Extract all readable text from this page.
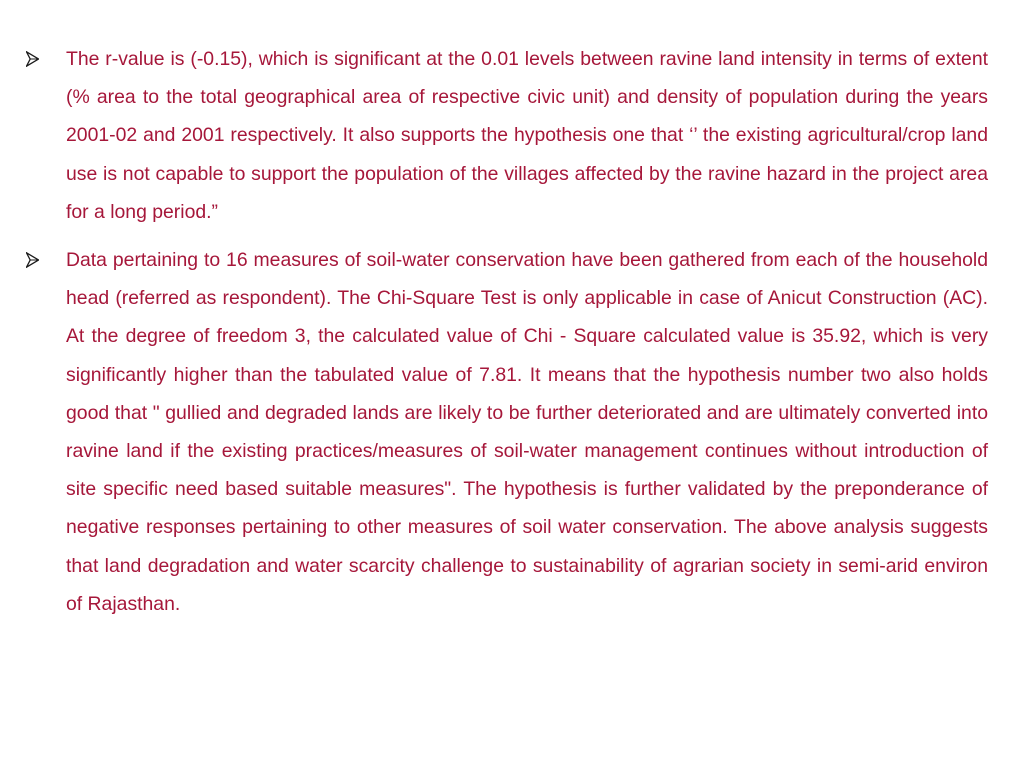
The r-value is (-0.15), which is significant at the 0.01 levels between ravine land intensity in terms of extent (% area to the total geographical area of respective civic unit) and density of population during the years 2001-02 and 2001 respectively. It also supports the hypothesis one that ‘’ the existing agricultural/crop land use is not capable to support the population of the villages affected by the ravine hazard in the project area for a long period.”
Data pertaining to 16 measures of soil-water conservation have been gathered from each of the household head (referred as respondent). The Chi-Square Test is only applicable in case of Anicut Construction (AC). At the degree of freedom 3, the calculated value of Chi - Square calculated value is 35.92, which is very significantly higher than the tabulated value of 7.81. It means that the hypothesis number two also holds good that " gullied and degraded lands are likely to be further deteriorated and are ultimately converted into ravine land if the existing practices/measures of soil-water management continues without introduction of site specific need based suitable measures". The hypothesis is further validated by the preponderance of negative responses pertaining to other measures of soil water conservation. The above analysis suggests that land degradation and water scarcity challenge to sustainability of agrarian society in semi-arid environ of Rajasthan.
